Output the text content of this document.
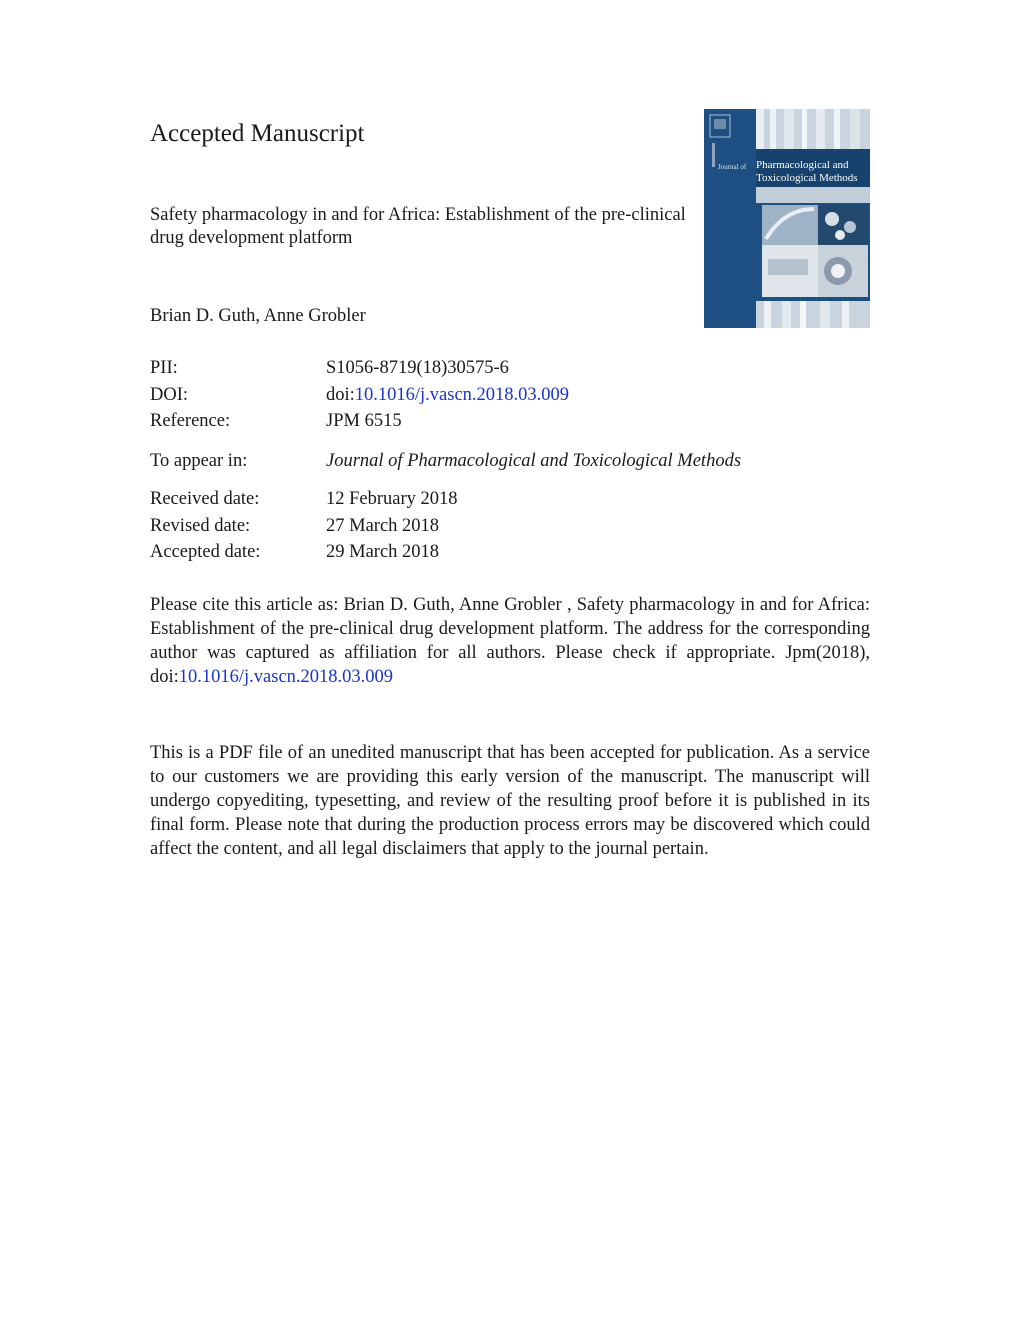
Accepted Manuscript

Safety pharmacology in and for Africa: Establishment of the pre-clinical drug development platform

Brian D. Guth, Anne Grobler
Journal of Pharmacological and
Toxicological Methods
PII:	S1056-8719(18)30575-6
DOI:	doi:10.1016/j.vascn.2018.03.009
Reference:	JPM 6515
To appear in:	Journal of Pharmacological and Toxicological Methods
Received date:	12 February 2018
Revised date:	27 March 2018
Accepted date:	29 March 2018

Please cite this article as: Brian D. Guth, Anne Grobler , Safety pharmacology in and for Africa: Establishment of the pre-clinical drug development platform. The address for the corresponding author was captured as affiliation for all authors. Please check if appropriate. Jpm(2018), doi:10.1016/j.vascn.2018.03.009

This is a PDF file of an unedited manuscript that has been accepted for publication. As a service to our customers we are providing this early version of the manuscript. The manuscript will undergo copyediting, typesetting, and review of the resulting proof before it is published in its final form. Please note that during the production process errors may be discovered which could affect the content, and all legal disclaimers that apply to the journal pertain.
